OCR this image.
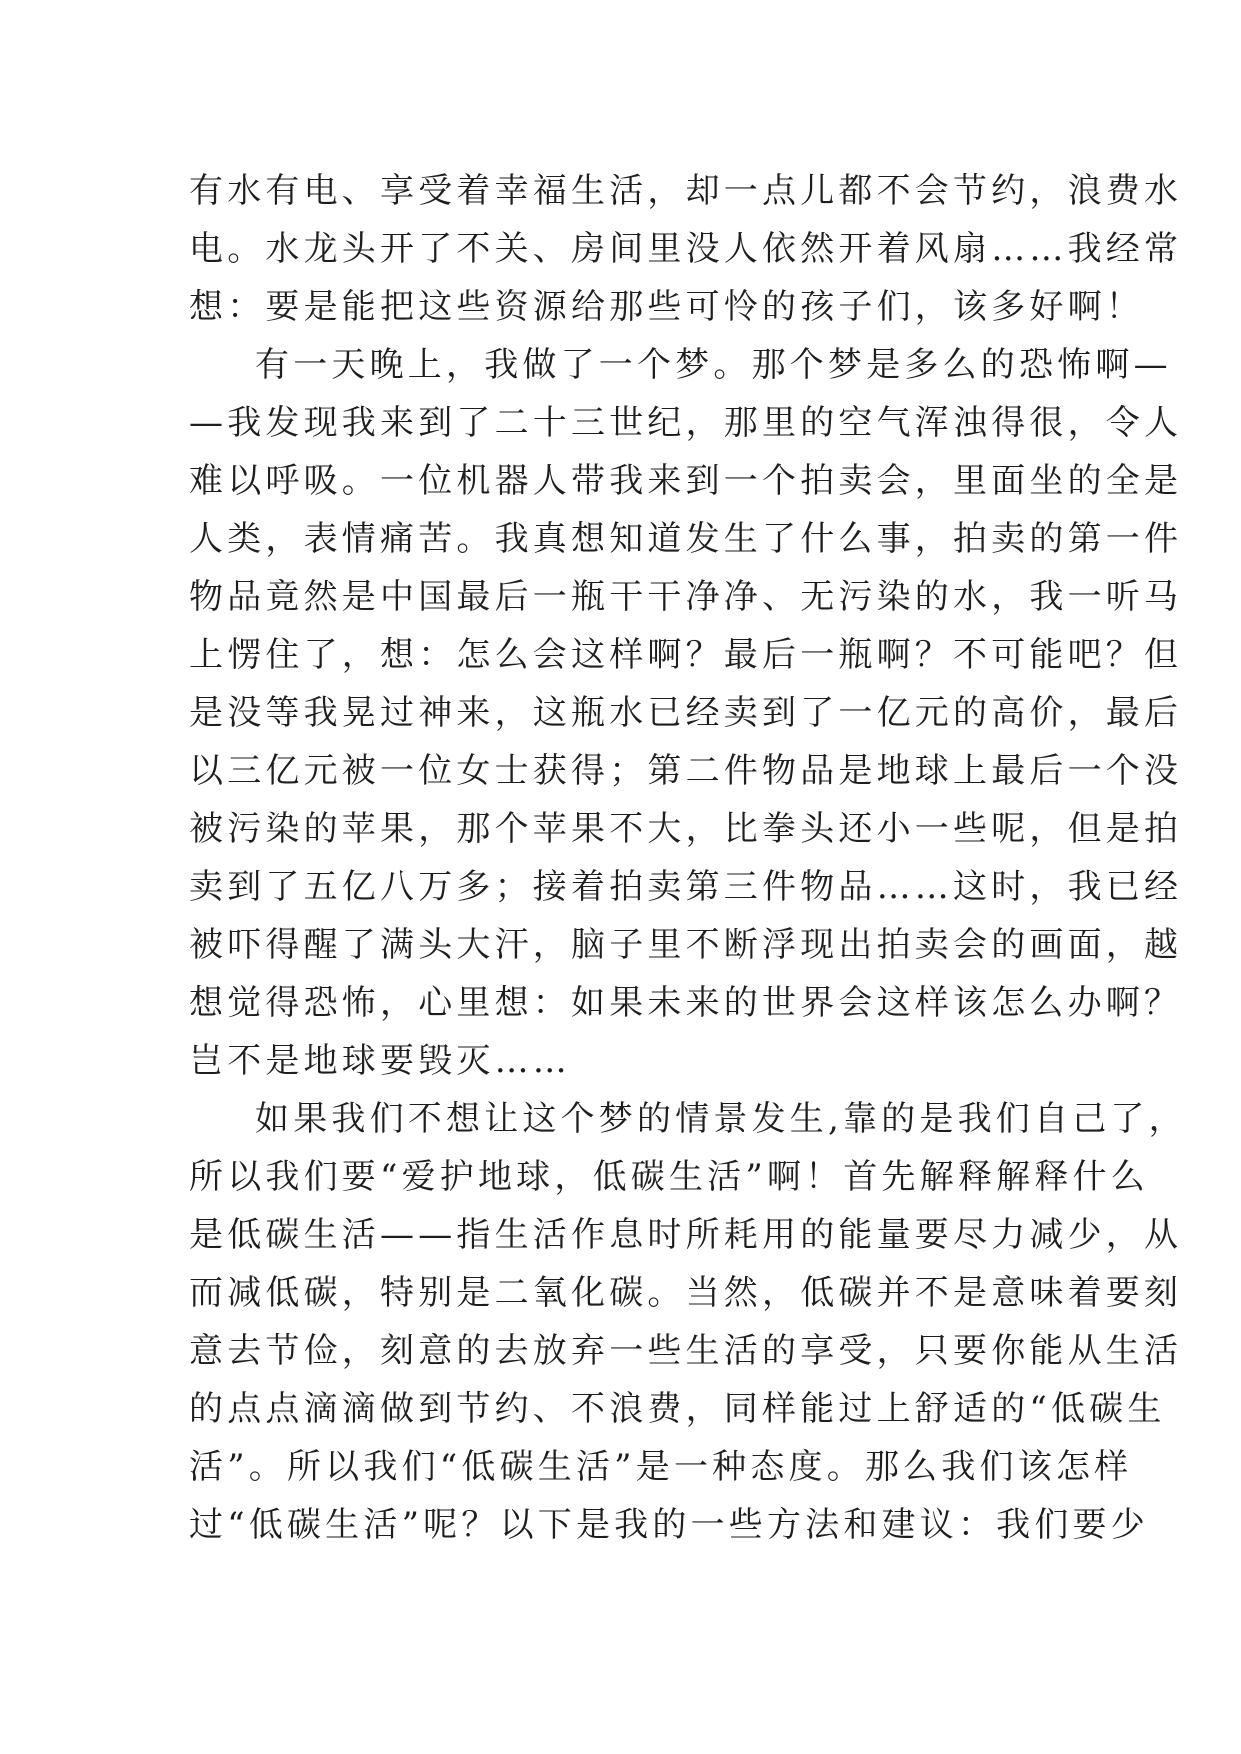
有水有电、享受着幸福生活，却一点儿都不会节约，浪费水
电。水龙头开了不关、房间里没人依然开着风扇……我经常
想：要是能把这些资源给那些可怜的孩子们，该多好啊！
有一天晚上，我做了一个梦。那个梦是多么的恐怖啊—
—我发现我来到了二十三世纪，那里的空气浑浊得很，令人
难以呼吸。一位机器人带我来到一个拍卖会，里面坐的全是
人类，表情痛苦。我真想知道发生了什么事，拍卖的第一件
物品竟然是中国最后一瓶干干净净、无污染的水，我一听马
上愣住了，想：怎么会这样啊？最后一瓶啊？不可能吧？但
是没等我晃过神来，这瓶水已经卖到了一亿元的高价，最后
以三亿元被一位女士获得；第二件物品是地球上最后一个没
被污染的苹果，那个苹果不大，比拳头还小一些呢，但是拍
卖到了五亿八万多；接着拍卖第三件物品……这时，我已经
被吓得醒了满头大汗，脑子里不断浮现出拍卖会的画面，越
想觉得恐怖，心里想：如果未来的世界会这样该怎么办啊？
岂不是地球要毁灭……
如果我们不想让这个梦的情景发生,靠的是我们自己了，
所以我们要“爱护地球，低碳生活”啊！首先解释解释什么
是低碳生活——指生活作息时所耗用的能量要尽力减少，从
而减低碳，特别是二氧化碳。当然，低碳并不是意味着要刻
意去节俭，刻意的去放弃一些生活的享受，只要你能从生活
的点点滴滴做到节约、不浪费，同样能过上舒适的“低碳生
活”。所以我们“低碳生活”是一种态度。那么我们该怎样
过“低碳生活”呢？以下是我的一些方法和建议：我们要少
